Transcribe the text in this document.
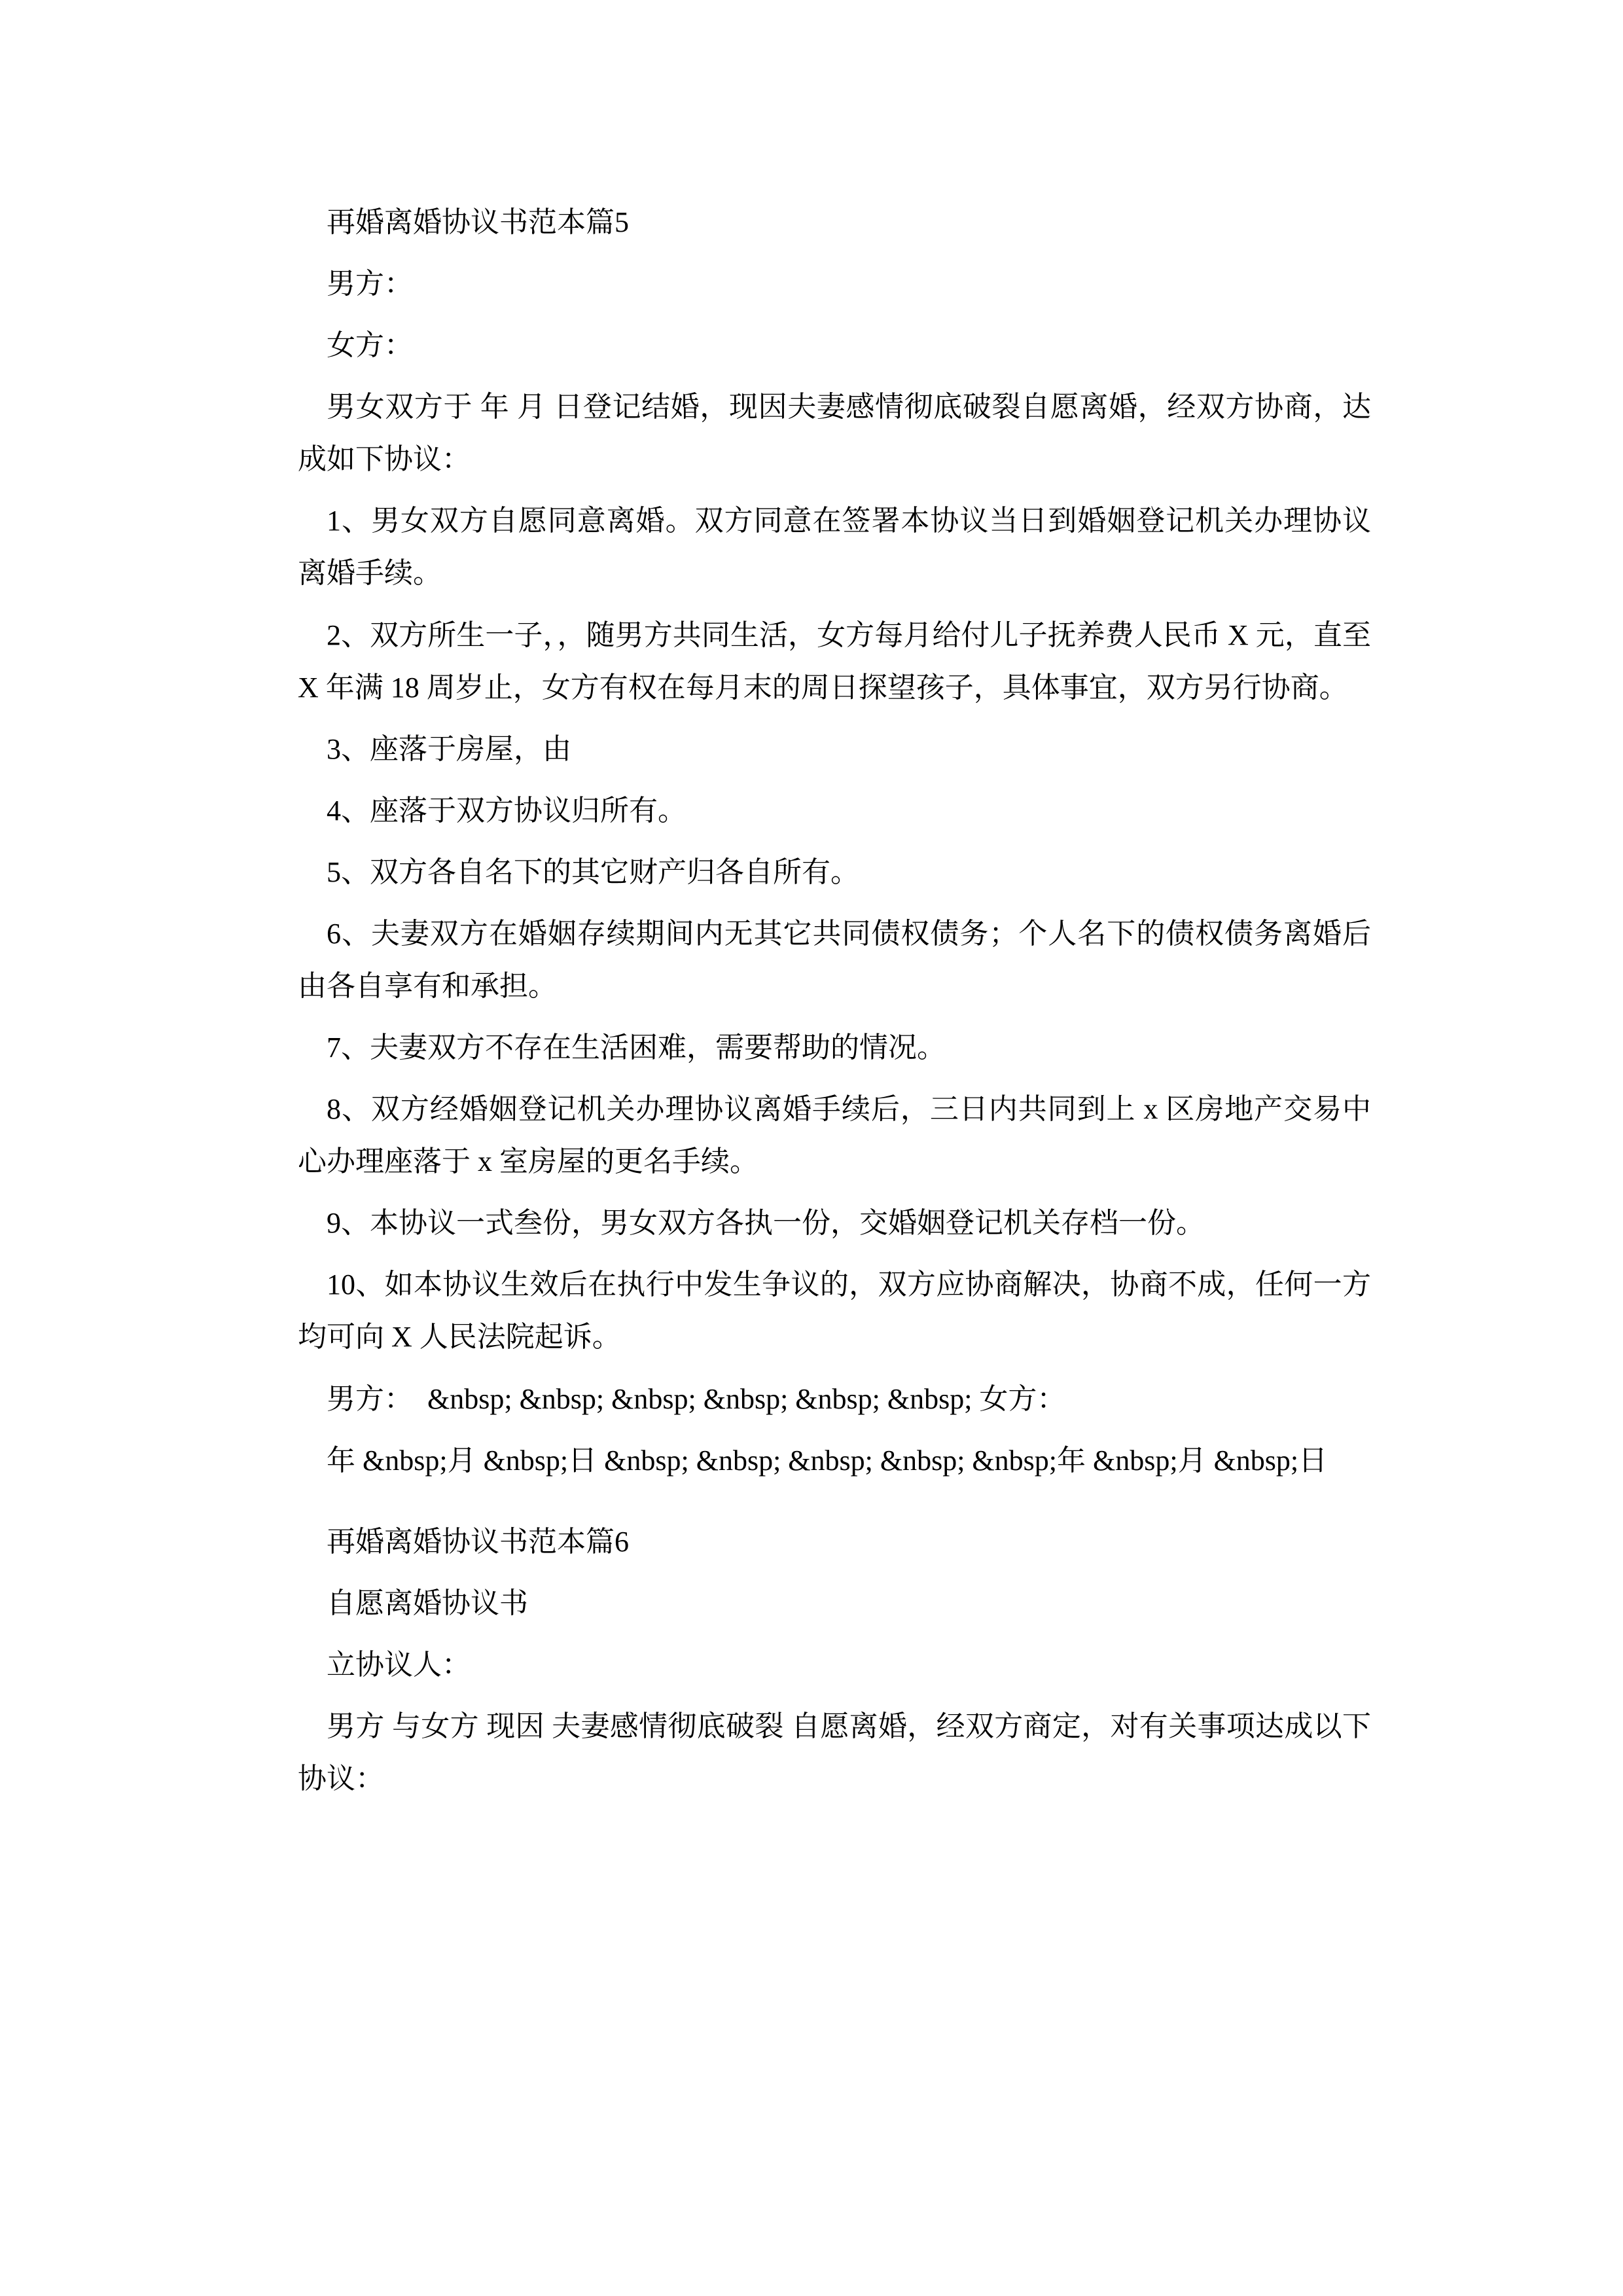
再婚离婚协议书范本篇5

男方：

女方：

男女双方于 年 月 日登记结婚，现因夫妻感情彻底破裂自愿离婚，经双方协商，达成如下协议：

1、男女双方自愿同意离婚。双方同意在签署本协议当日到婚姻登记机关办理协议离婚手续。

2、双方所生一子，，随男方共同生活，女方每月给付儿子抚养费人民币 X 元，直至 X 年满 18 周岁止，女方有权在每月末的周日探望孩子，具体事宜，双方另行协商。

3、座落于房屋，由

4、座落于双方协议归所有。

5、双方各自名下的其它财产归各自所有。

6、夫妻双方在婚姻存续期间内无其它共同债权债务；个人名下的债权债务离婚后由各自享有和承担。

7、夫妻双方不存在生活困难，需要帮助的情况。

8、双方经婚姻登记机关办理协议离婚手续后，三日内共同到上 x 区房地产交易中心办理座落于 x 室房屋的更名手续。

9、本协议一式叁份，男女双方各执一份，交婚姻登记机关存档一份。

10、如本协议生效后在执行中发生争议的，双方应协商解决，协商不成，任何一方均可向 X 人民法院起诉。

男方：　&nbsp; &nbsp; &nbsp; &nbsp; &nbsp; &nbsp; 女方：

年 &nbsp;月 &nbsp;日 &nbsp; &nbsp; &nbsp; &nbsp; &nbsp;年 &nbsp;月 &nbsp;日

再婚离婚协议书范本篇6

自愿离婚协议书

立协议人：

男方 与女方 现因 夫妻感情彻底破裂 自愿离婚，经双方商定，对有关事项达成以下协议：
